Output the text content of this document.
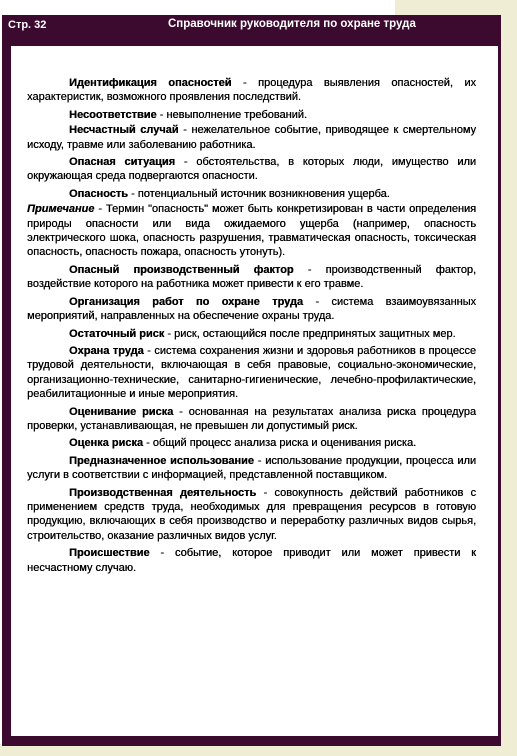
Стр. 32	Справочник руководителя по охране труда

Идентификация опасностей - процедура выявления опасностей, их характеристик, возможного проявления последствий.

Несоответствие - невыполнение требований.

Несчастный случай - нежелательное событие, приводящее к смертельному исходу, травме или заболеванию работника.

Опасная ситуация - обстоятельства, в которых люди, имущество или окружающая среда подвергаются опасности.

Опасность - потенциальный источник возникновения ущерба.

Примечание - Термин "опасность" может быть конкретизирован в части определения природы опасности или вида ожидаемого ущерба (например, опасность электрического шока, опасность разрушения, травматическая опасность, токсическая опасность, опасность пожара, опасность утонуть).

Опасный производственный фактор - производственный фактор, воздействие которого на работника может привести к его травме.

Организация работ по охране труда - система взаимоувязанных мероприятий, направленных на обеспечение охраны труда.

Остаточный риск - риск, остающийся после предпринятых защитных мер.

Охрана труда - система сохранения жизни и здоровья работников в процессе трудовой деятельности, включающая в себя правовые, социально-экономические, организационно-технические, санитарно-гигиенические, лечебно-профилактические, реабилитационные и иные мероприятия.

Оценивание риска - основанная на результатах анализа риска процедура проверки, устанавливающая, не превышен ли допустимый риск.

Оценка риска - общий процесс анализа риска и оценивания риска.

Предназначенное использование - использование продукции, процесса или услуги в соответствии с информацией, представленной поставщиком.

Производственная деятельность - совокупность действий работников с применением средств труда, необходимых для превращения ресурсов в готовую продукцию, включающих в себя производство и переработку различных видов сырья, строительство, оказание различных видов услуг.

Происшествие - событие, которое приводит или может привести к несчастному случаю.
